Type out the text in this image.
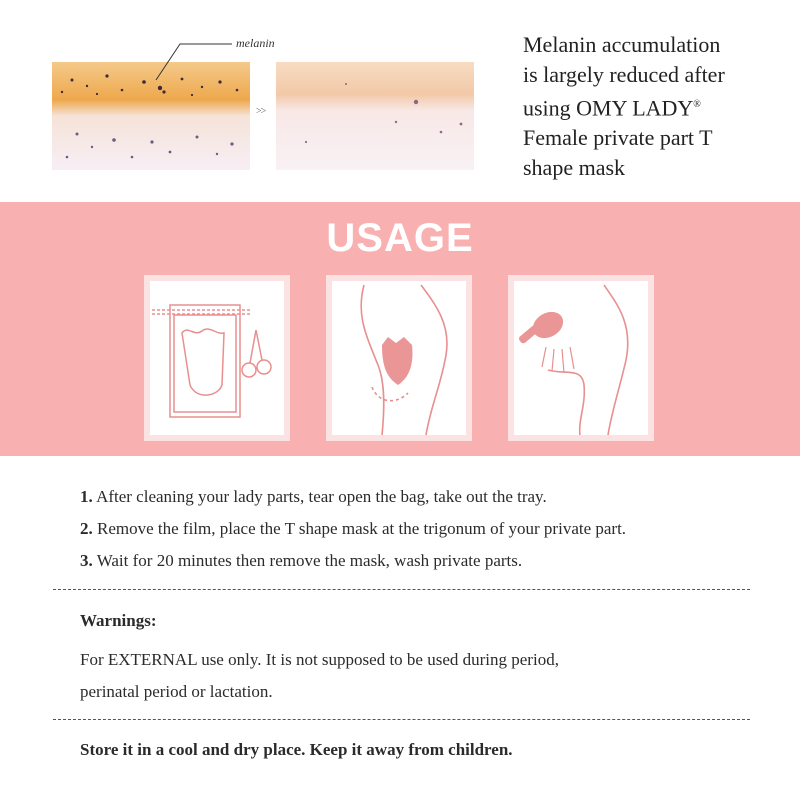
melanin
>>
Melanin accumulation
is largely reduced after
using OMY LADY®
Female private part T
shape mask
USAGE
1. After cleaning your lady parts, tear open the bag, take out the tray.
2. Remove the film, place the T shape mask at the trigonum of your private part.
3. Wait for 20 minutes then remove the mask, wash private parts.
Warnings:
For EXTERNAL use only. It is not supposed to be used during period,
perinatal period or lactation.
Store it in a cool and dry place. Keep it away from children.
